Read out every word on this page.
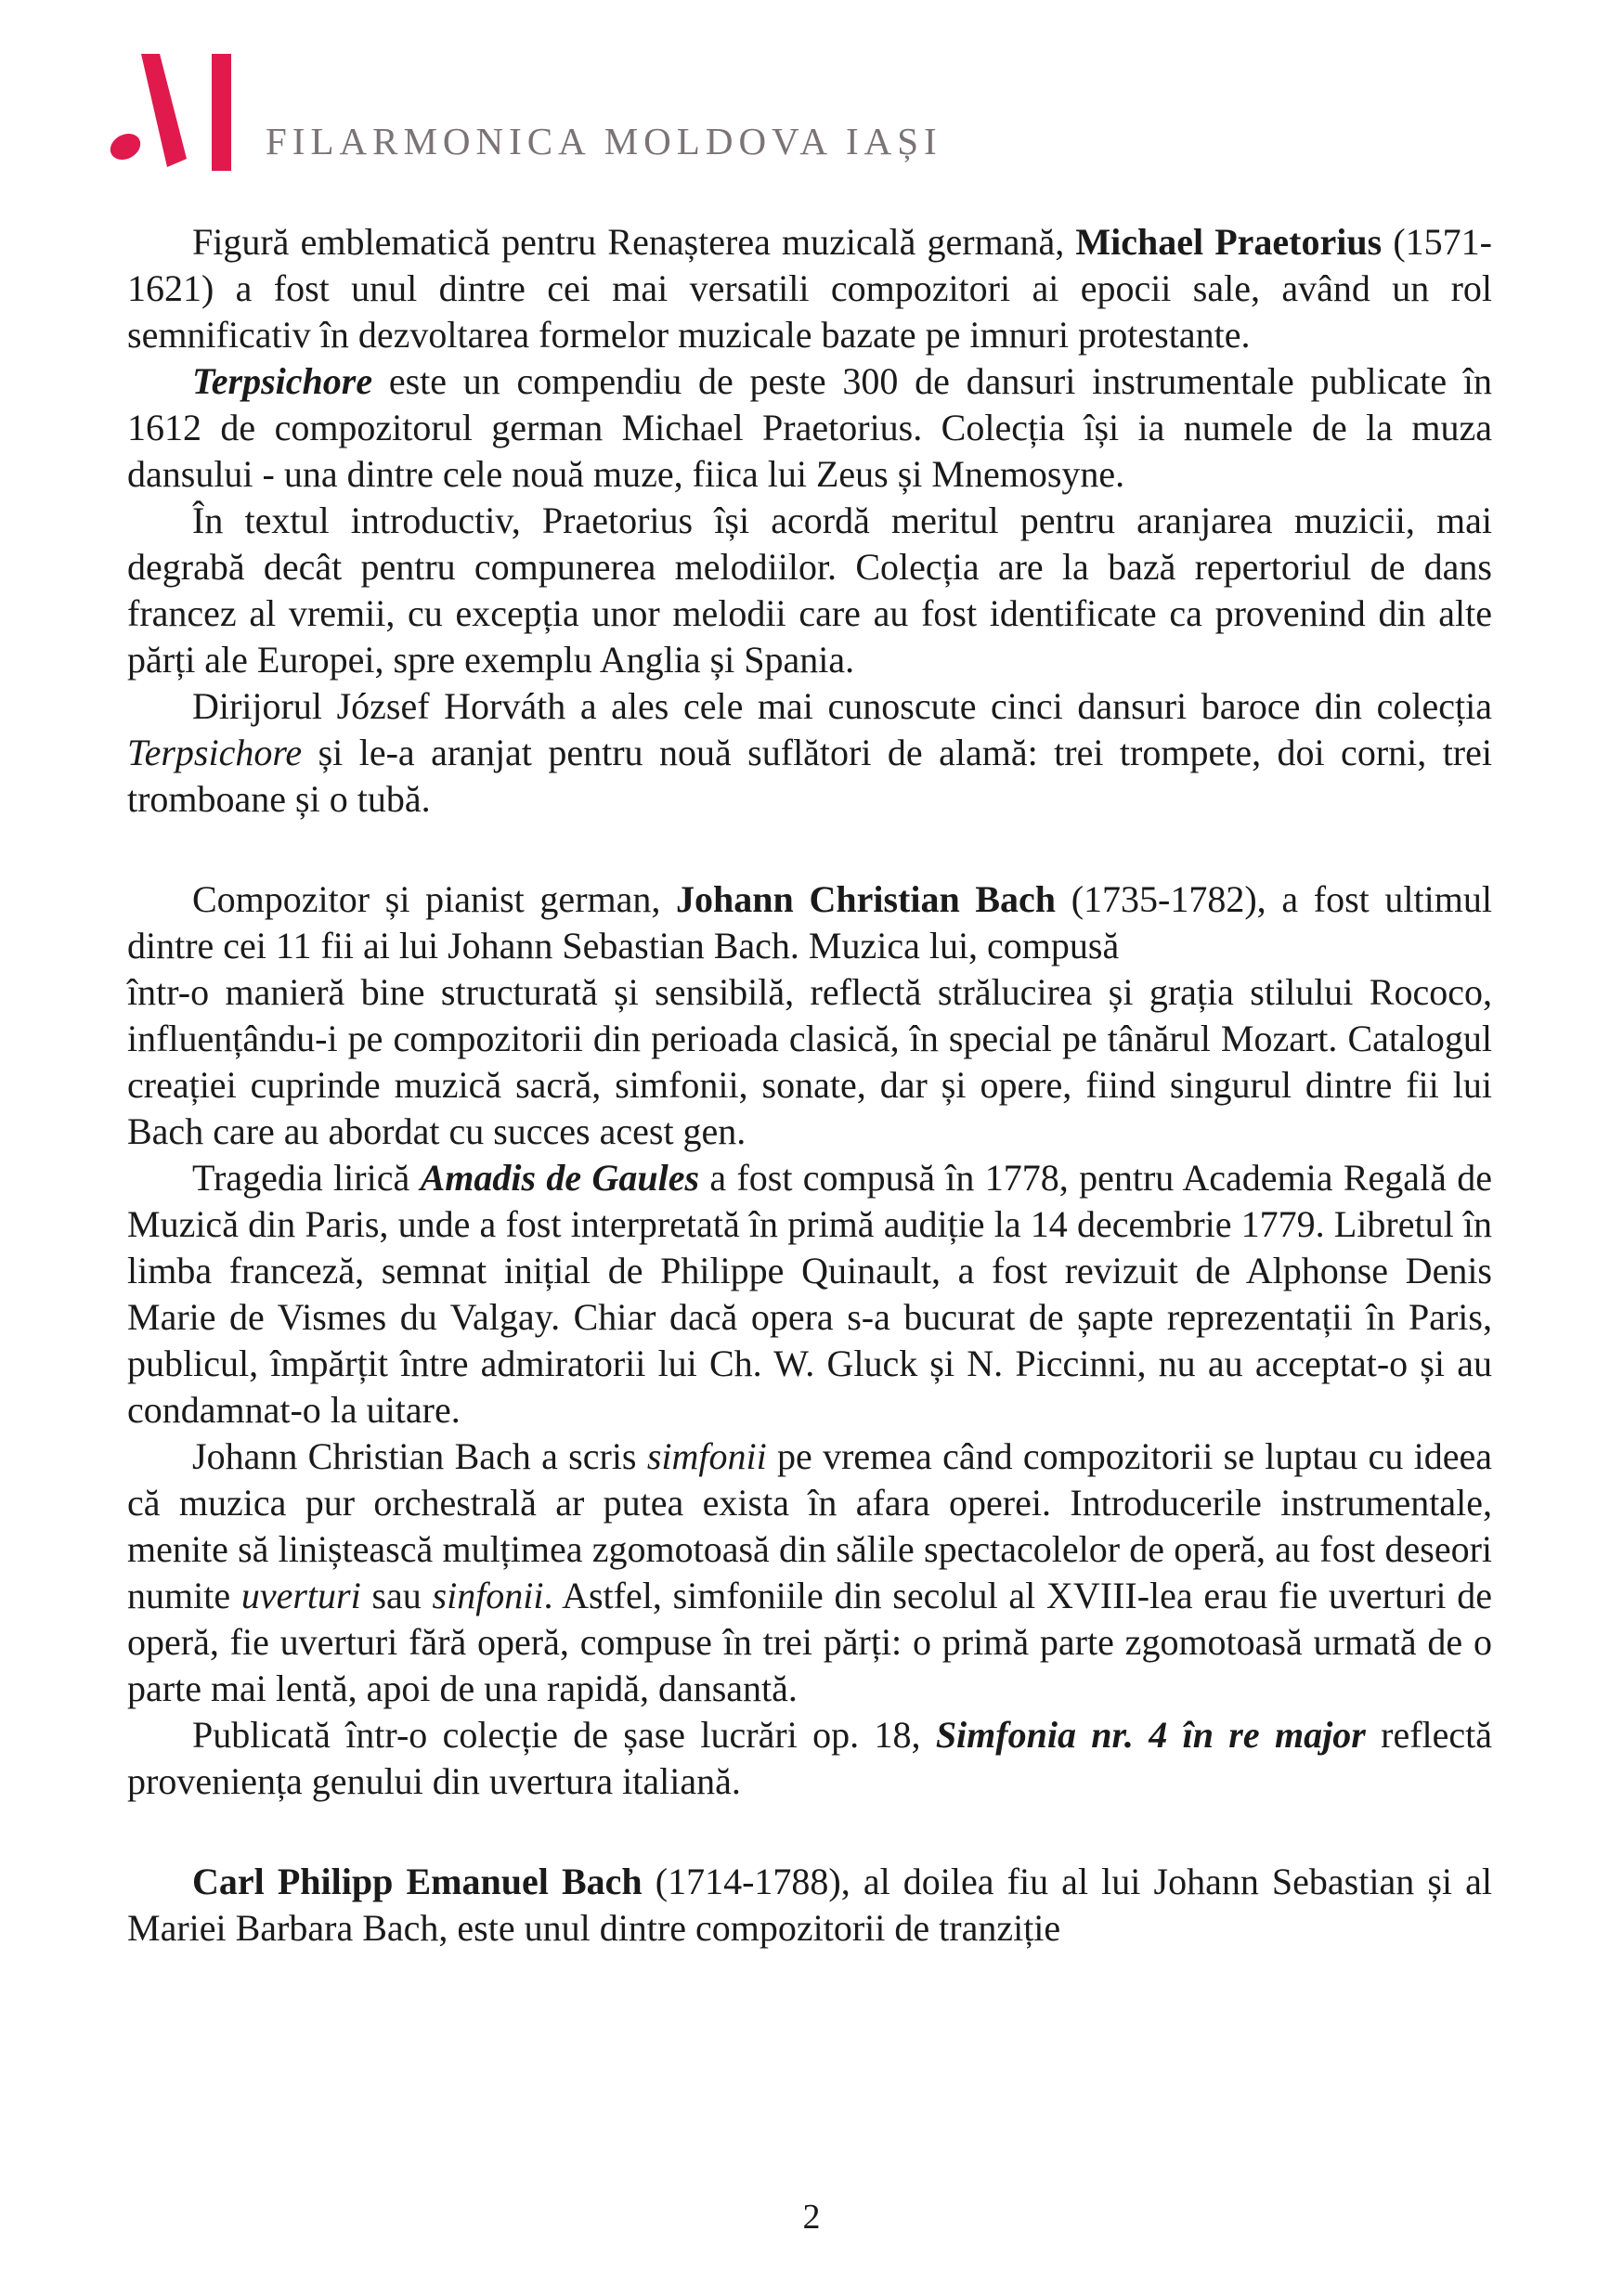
FILARMONICA MOLDOVA IAȘI

Figură emblematică pentru Renașterea muzicală germană, Michael Praetorius (1571-1621) a fost unul dintre cei mai versatili compozitori ai epocii sale, având un rol semnificativ în dezvoltarea formelor muzicale bazate pe imnuri protestante.

Terpsichore este un compendiu de peste 300 de dansuri instrumentale publicate în 1612 de compozitorul german Michael Praetorius. Colecția își ia numele de la muza dansului - una dintre cele nouă muze, fiica lui Zeus și Mnemosyne.

În textul introductiv, Praetorius își acordă meritul pentru aranjarea muzicii, mai degrabă decât pentru compunerea melodiilor. Colecția are la bază repertoriul de dans francez al vremii, cu excepția unor melodii care au fost identificate ca provenind din alte părți ale Europei, spre exemplu Anglia și Spania.

Dirijorul József Horváth a ales cele mai cunoscute cinci dansuri baroce din colecția Terpsichore și le-a aranjat pentru nouă suflători de alamă: trei trompete, doi corni, trei tromboane și o tubă.

Compozitor și pianist german, Johann Christian Bach (1735-1782), a fost ultimul dintre cei 11 fii ai lui Johann Sebastian Bach. Muzica lui, compusă
într-o manieră bine structurată și sensibilă, reflectă strălucirea și grația stilului Rococo, influențându-i pe compozitorii din perioada clasică, în special pe tânărul Mozart. Catalogul creației cuprinde muzică sacră, simfonii, sonate, dar și opere, fiind singurul dintre fii lui Bach care au abordat cu succes acest gen.

Tragedia lirică Amadis de Gaules a fost compusă în 1778, pentru Academia Regală de Muzică din Paris, unde a fost interpretată în primă audiție la 14 decembrie 1779. Libretul în limba franceză, semnat inițial de Philippe Quinault, a fost revizuit de Alphonse Denis Marie de Vismes du Valgay. Chiar dacă opera s-a bucurat de șapte reprezentații în Paris, publicul, împărțit între admiratorii lui Ch. W. Gluck și N. Piccinni, nu au acceptat-o și au condamnat-o la uitare.

Johann Christian Bach a scris simfonii pe vremea când compozitorii se luptau cu ideea că muzica pur orchestrală ar putea exista în afara operei. Introducerile instrumentale, menite să liniștească mulțimea zgomotoasă din sălile spectacolelor de operă, au fost deseori numite uverturi sau sinfonii. Astfel, simfoniile din secolul al XVIII-lea erau fie uverturi de operă, fie uverturi fără operă, compuse în trei părți: o primă parte zgomotoasă urmată de o parte mai lentă, apoi de una rapidă, dansantă.

Publicată într-o colecție de șase lucrări op. 18, Simfonia nr. 4 în re major reflectă proveniența genului din uvertura italiană.

Carl Philipp Emanuel Bach (1714-1788), al doilea fiu al lui Johann Sebastian și al Mariei Barbara Bach, este unul dintre compozitorii de tranziție

2
